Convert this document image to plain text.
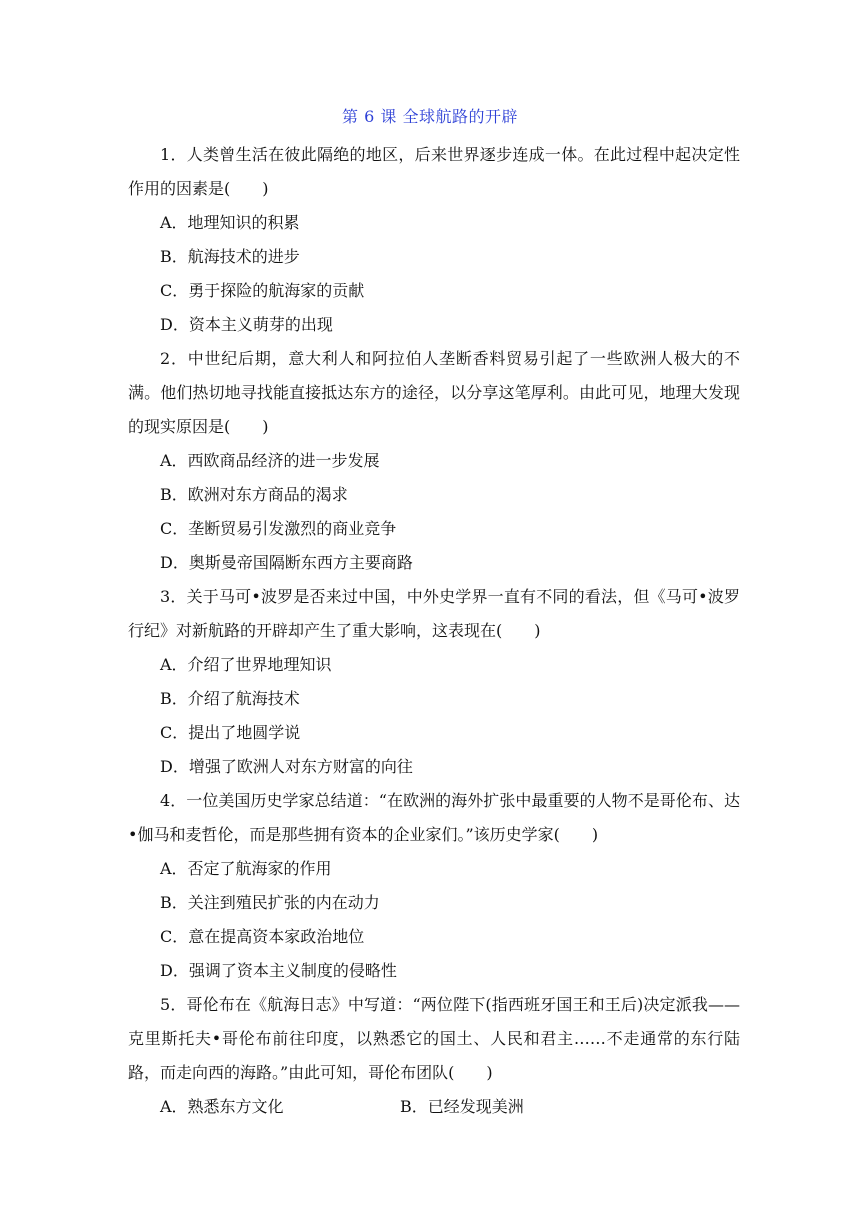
第 6 课 全球航路的开辟

1．人类曾生活在彼此隔绝的地区，后来世界逐步连成一体。在此过程中起决定性作用的因素是(　　)

A．地理知识的积累

B．航海技术的进步

C．勇于探险的航海家的贡献

D．资本主义萌芽的出现

2．中世纪后期，意大利人和阿拉伯人垄断香料贸易引起了一些欧洲人极大的不满。他们热切地寻找能直接抵达东方的途径，以分享这笔厚利。由此可见，地理大发现的现实原因是(　　)

A．西欧商品经济的进一步发展

B．欧洲对东方商品的渴求

C．垄断贸易引发激烈的商业竞争

D．奥斯曼帝国隔断东西方主要商路

3．关于马可•波罗是否来过中国，中外史学界一直有不同的看法，但《马可•波罗行纪》对新航路的开辟却产生了重大影响，这表现在(　　)

A．介绍了世界地理知识

B．介绍了航海技术

C．提出了地圆学说

D．增强了欧洲人对东方财富的向往

4．一位美国历史学家总结道：“在欧洲的海外扩张中最重要的人物不是哥伦布、达•伽马和麦哲伦，而是那些拥有资本的企业家们。”该历史学家(　　)

A．否定了航海家的作用

B．关注到殖民扩张的内在动力

C．意在提高资本家政治地位

D．强调了资本主义制度的侵略性

5．哥伦布在《航海日志》中写道：“两位陛下(指西班牙国王和王后)决定派我——克里斯托夫•哥伦布前往印度，以熟悉它的国土、人民和君主……不走通常的东行陆路，而走向西的海路。”由此可知，哥伦布团队(　　)

A．熟悉东方文化	B．已经发现美洲
